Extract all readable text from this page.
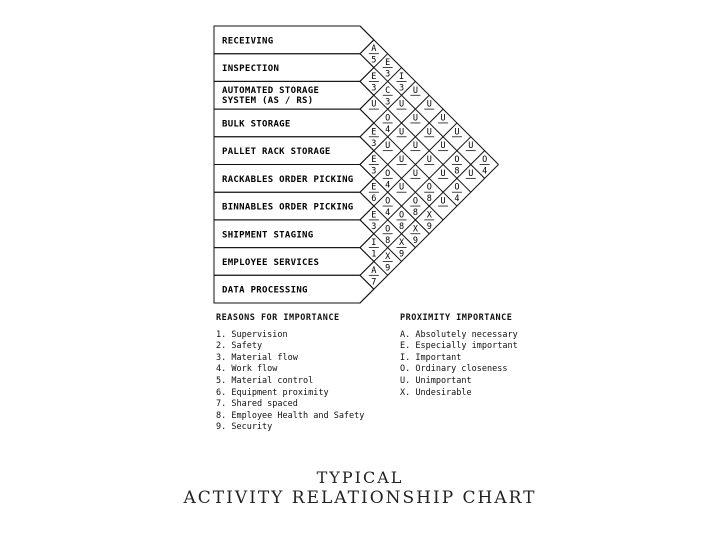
RECEIVING
INSPECTION
AUTOMATED STORAGE
SYSTEM (AS / RS)
BULK STORAGE
PALLET RACK STORAGE
RACKABLES ORDER PICKING
BINNABLES ORDER PICKING
SHIPMENT STAGING
EMPLOYEE SERVICES
DATA PROCESSING
A
5 E
3 I
3 U
U
U
U
U
O
4
E
3 C
3 U
U
U
U
O
8 U
U
O
4 U
U
U
U
O
4
E
3 U
U
U
O
8 U
E
3 O
4 U
O
8 X
9
E
6 O
4 O
8 X
9
E
3 O
8 X
9
I
1 X
9
A
7
REASONS FOR IMPORTANCE
1. Supervision
2. Safety
3. Material flow
4. Work flow
5. Material control
6. Equipment proximity
7. Shared spaced
8. Employee Health and Safety
9. Security
PROXIMITY IMPORTANCE
A. Absolutely necessary
E. Especially important
I. Important
O. Ordinary closeness
U. Unimportant
X. Undesirable
TYPICAL
ACTIVITY RELATIONSHIP CHART
